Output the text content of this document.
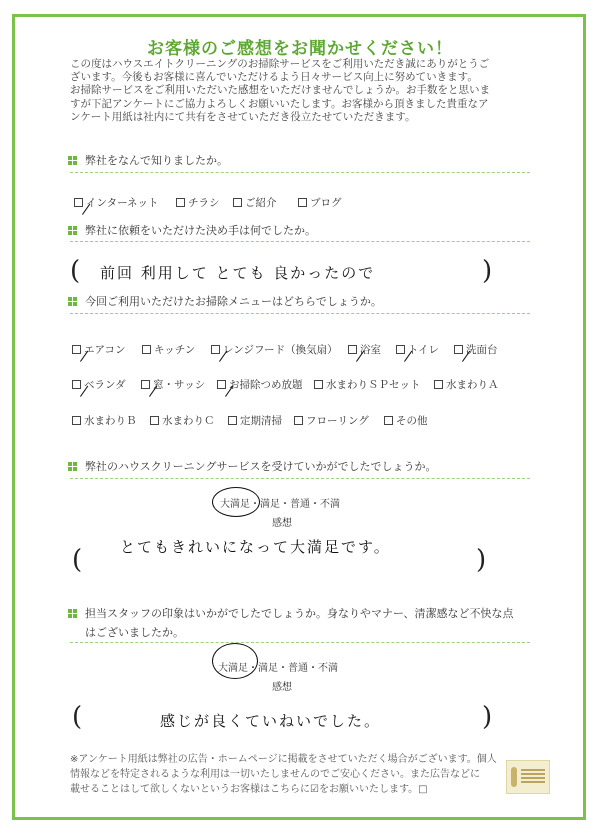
お客様のご感想をお聞かせください！
この度はハウスエイトクリーニングのお掃除サービスをご利用いただき誠にありがとうご
ざいます。今後もお客様に喜んでいただけるよう日々サービス向上に努めていきます。
お掃除サービスをご利用いただいた感想をいただけませんでしょうか。お手数をと思いま
すが下記アンケートにご協力よろしくお願いいたします。お客様から頂きました貴重なア
ンケート用紙は社内にて共有をさせていただき役立たせていただきます。
弊社をなんで知りましたか。
インターネット	チラシ ご紹介	ブログ
弊社に依頼をいただけた決め手は何でしたか。
( 前回 利用して とても 良かったので	)
今回ご利用いただけたお掃除メニューはどちらでしょうか。
エアコン	キッチン	レンジフード（換気扇） 浴室	トイレ	洗面台
ベランダ	窓・サッシ お掃除つめ放題 水まわりＳＰセット 水まわりＡ
水まわりＢ 水まわりＣ 定期清掃 フローリング	その他
弊社のハウスクリーニングサービスを受けていかがでしたでしょうか。
大満足・満足・普通・不満
感想
(	とてもきれいになって大満足です。	)
担当スタッフの印象はいかがでしたでしょうか。身なりやマナー、清潔感など不快な点
はございましたか。
大満足・満足・普通・不満
感想
(	感じが良くていねいでした。	)
※アンケート用紙は弊社の広告・ホームページに掲載をさせていただく場合がございます。個人
情報などを特定されるような利用は一切いたしませんのでご安心ください。また広告などに
載せることはして欲しくないというお客様はこちらに☑をお願いいたします。□
